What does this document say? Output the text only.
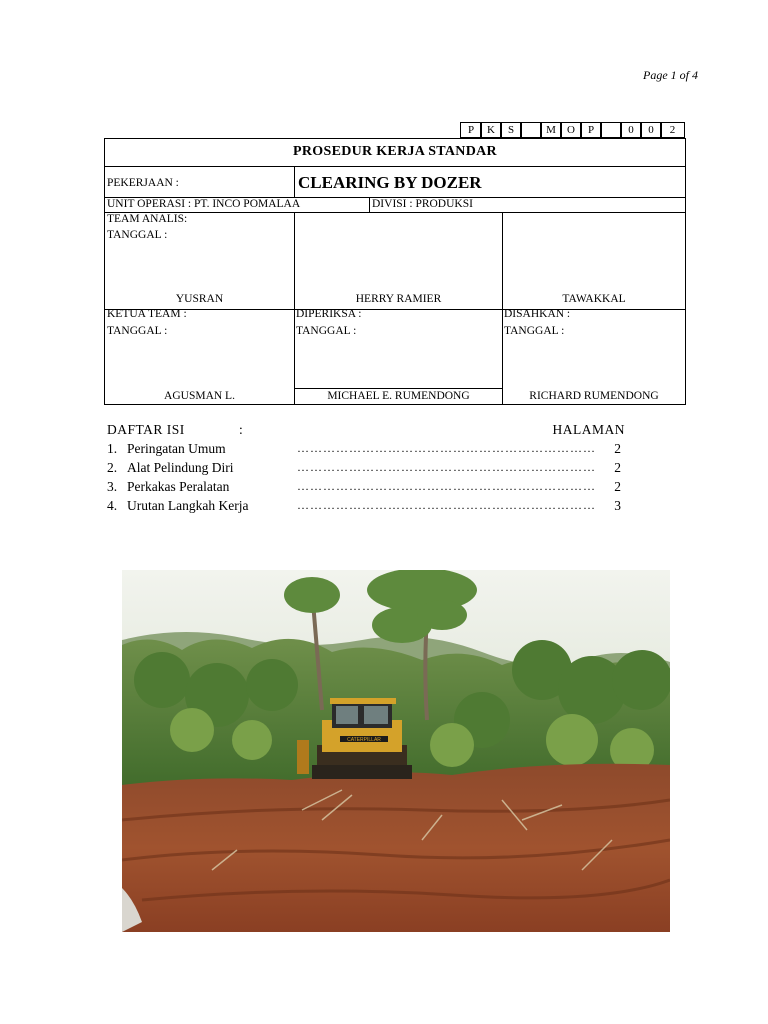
Page 1 of 4
P	K	S	M	O	P	0	0	2
PROSEDUR KERJA STANDAR
PEKERJAAN :	CLEARING BY DOZER
UNIT OPERASI : PT. INCO POMALAA	DIVISI : PRODUKSI
TEAM ANALIS:
TANGGAL :
YUSRAN	HERRY RAMIER	TAWAKKAL
KETUA TEAM :
TANGGAL :
DIPERIKSA :
TANGGAL :
DISAHKAN :
TANGGAL :
AGUSMAN L.	MICHAEL E. RUMENDONG	RICHARD RUMENDONG
DAFTAR ISI	:	HALAMAN
1. Peringatan Umum	…………………………………………………………… 2
2. Alat Pelindung Diri	…………………………………………………………… 2
3. Perkakas Peralatan	…………………………………………………………… 2
4. Urutan Langkah Kerja	……………………………………………………………	3
CATERPILLAR
